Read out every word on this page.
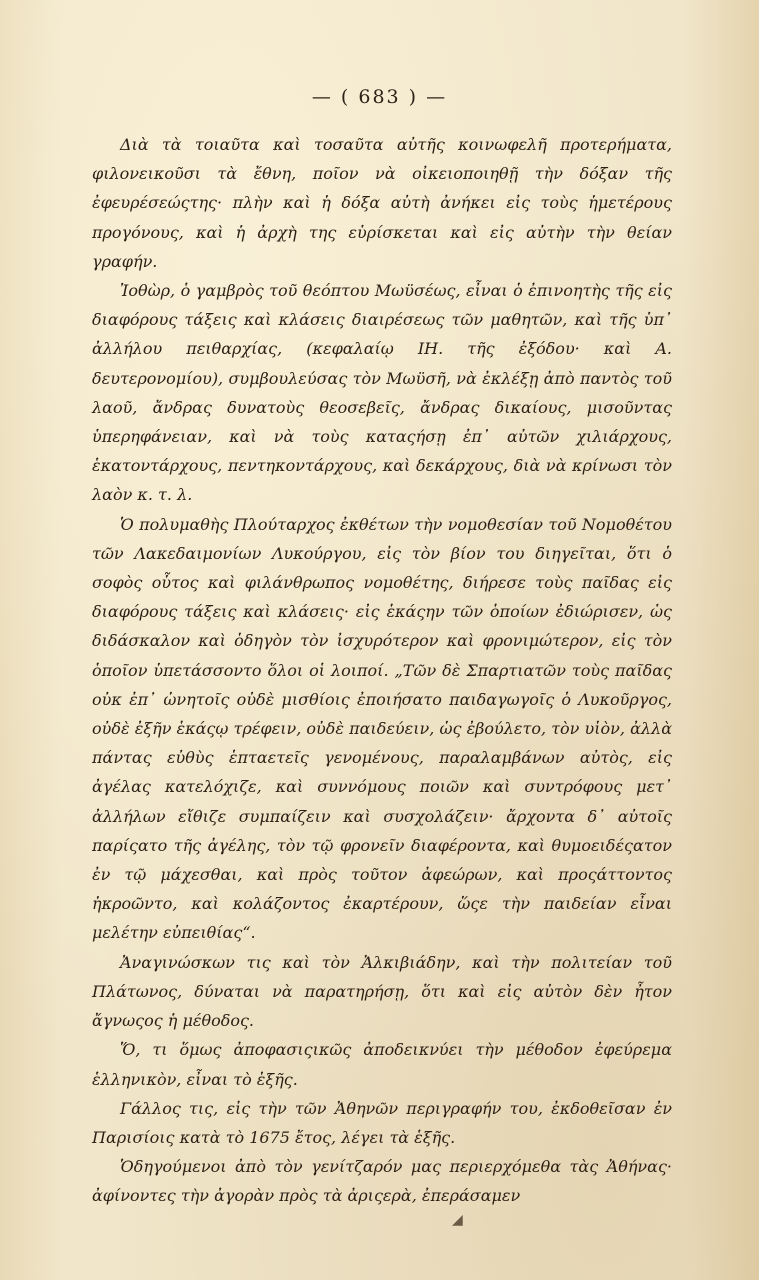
— ( 683 ) —

Διὰ τὰ τοιαῦτα καὶ τοσαῦτα αὐτῆς κοινωφελῆ προτερήματα, φιλονεικοῦσι τὰ ἔθνη, ποῖον νὰ οἰκειοποιηθῇ τὴν δόξαν τῆς ἐφευρέσεώςτης· πλὴν καὶ ἡ δόξα αὐτὴ ἀνήκει εἰς τοὺς ἡμετέρους προγόνους, καὶ ἡ ἀρχὴ της εὑρίσκεται καὶ εἰς αὐτὴν τὴν θείαν γραφήν.

Ἰοθὼρ, ὁ γαμβρὸς τοῦ θεόπτου Μωϋσέως, εἶναι ὁ ἐπινοητὴς τῆς εἰς διαφόρους τάξεις καὶ κλάσεις διαιρέσεως τῶν μαθητῶν, καὶ τῆς ὑπ᾽ ἀλλήλου πειθαρχίας, (κεφαλαίῳ ΙΗ. τῆς ἐξόδου· καὶ Α. δευτερονομίου), συμβουλεύσας τὸν Μωϋσῆ, νὰ ἐκλέξῃ ἀπὸ παντὸς τοῦ λαοῦ, ἄνδρας δυνατοὺς θεοσεβεῖς, ἄνδρας δικαίους, μισοῦντας ὑπερηφάνειαν, καὶ νὰ τοὺς καταςήσῃ ἐπ᾽ αὐτῶν χιλιάρχους, ἑκατοντάρχους, πεντηκοντάρχους, καὶ δεκάρχους, διὰ νὰ κρίνωσι τὸν λαὸν κ. τ. λ.

Ὁ πολυμαθὴς Πλούταρχος ἐκθέτων τὴν νομοθεσίαν τοῦ Νομοθέτου τῶν Λακεδαιμονίων Λυκούργου, εἰς τὸν βίον του διηγεῖται, ὅτι ὁ σοφὸς οὗτος καὶ φιλάνθρωπος νομοθέτης, διήρεσε τοὺς παῖδας εἰς διαφόρους τάξεις καὶ κλάσεις· εἰς ἑκάςην τῶν ὁποίων ἐδιώρισεν, ὡς διδάσκαλον καὶ ὁδηγὸν τὸν ἰσχυρότερον καὶ φρονιμώτερον, εἰς τὸν ὁποῖον ὑπετάσσοντο ὅλοι οἱ λοιποί. „Τῶν δὲ Σπαρτιατῶν τοὺς παῖδας οὐκ ἐπ᾽ ὠνητοῖς οὐδὲ μισθίοις ἐποιήσατο παιδαγωγοῖς ὁ Λυκοῦργος, οὐδὲ ἐξῆν ἑκάςῳ τρέφειν, οὐδὲ παιδεύειν, ὡς ἐβούλετο, τὸν υἱὸν, ἀλλὰ πάντας εὐθὺς ἑπταετεῖς γενομένους, παραλαμβάνων αὐτὸς, εἰς ἀγέλας κατελόχιζε, καὶ συννόμους ποιῶν καὶ συντρόφους μετ᾽ ἀλλήλων εἴθιζε συμπαίζειν καὶ συσχολάζειν· ἄρχοντα δ᾽ αὐτοῖς παρίςατο τῆς ἀγέλης, τὸν τῷ φρονεῖν διαφέροντα, καὶ θυμοειδέςατον ἐν τῷ μάχεσθαι, καὶ πρὸς τοῦτον ἀφεώρων, καὶ προςάττοντος ἠκροῶντο, καὶ κολάζοντος ἐκαρτέρουν, ὥςε τὴν παιδείαν εἶναι μελέτην εὐπειθίας“.

Ἀναγινώσκων τις καὶ τὸν Ἀλκιβιάδην, καὶ τὴν πολιτείαν τοῦ Πλάτωνος, δύναται νὰ παρατηρήσῃ, ὅτι καὶ εἰς αὐτὸν δὲν ἦτον ἄγνωςος ἡ μέθοδος.

Ὅ, τι ὅμως ἀποφασιςικῶς ἀποδεικνύει τὴν μέθοδον ἐφεύρεμα ἑλληνικὸν, εἶναι τὸ ἑξῆς.

Γάλλος τις, εἰς τὴν τῶν Ἀθηνῶν περιγραφήν του, ἐκδοθεῖσαν ἐν Παρισίοις κατὰ τὸ 1675 ἔτος, λέγει τὰ ἑξῆς.

Ὁδηγούμενοι ἀπὸ τὸν γενίτζαρόν μας περιερχόμεθα τὰς Ἀθήνας· ἀφίνοντες τὴν ἀγορὰν πρὸς τὰ ἀριςερὰ, ἐπεράσαμεν

◢
